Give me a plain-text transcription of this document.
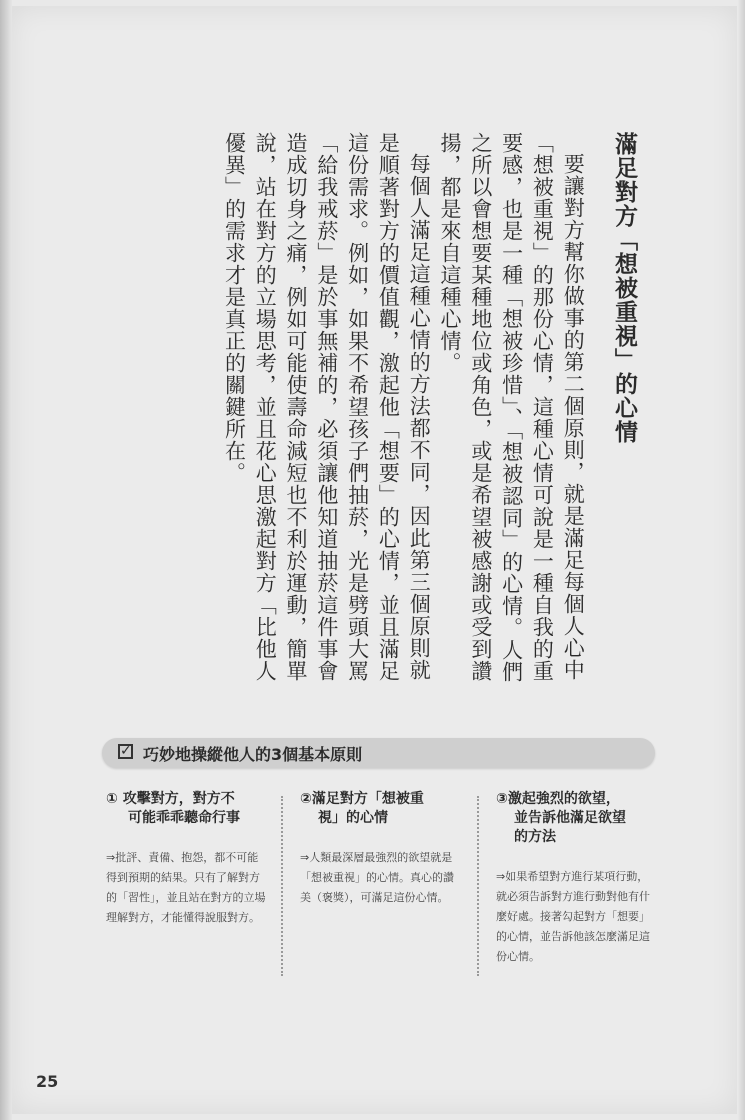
滿足對方「想被重視」的心情

要讓對方幫你做事的第二個原則，就是滿足每個人心中「想被重視」的那份心情，這種心情可說是一種自我的重要感，也是一種「想被珍惜」、「想被認同」的心情。人們之所以會想要某種地位或角色，或是希望被感謝或受到讚揚，都是來自這種心情。

每個人滿足這種心情的方法都不同，因此第三個原則就是順著對方的價值觀，激起他「想要」的心情，並且滿足這份需求。例如，如果不希望孩子們抽菸，光是劈頭大罵「給我戒菸」是於事無補的，必須讓他知道抽菸這件事會造成切身之痛，例如可能使壽命減短也不利於運動，簡單說，站在對方的立場思考，並且花心思激起對方「比他人優異」的需求才是真正的關鍵所在。

✓ 巧妙地操縱他人的3個基本原則
① 攻擊對方，對方不
可能乖乖聽命行事
⇒批評、責備、抱怨，都不可能得到預期的結果。只有了解對方的「習性」，並且站在對方的立場理解對方，才能懂得說服對方。
②滿足對方「想被重
視」的心情
⇒人類最深層最強烈的欲望就是「想被重視」的心情。真心的讚美（褒獎），可滿足這份心情。
③激起強烈的欲望，
並告訴他滿足欲望
的方法
⇒如果希望對方進行某項行動，就必須告訴對方進行動對他有什麼好處。接著勾起對方「想要」的心情，並告訴他該怎麼滿足這份心情。
25
